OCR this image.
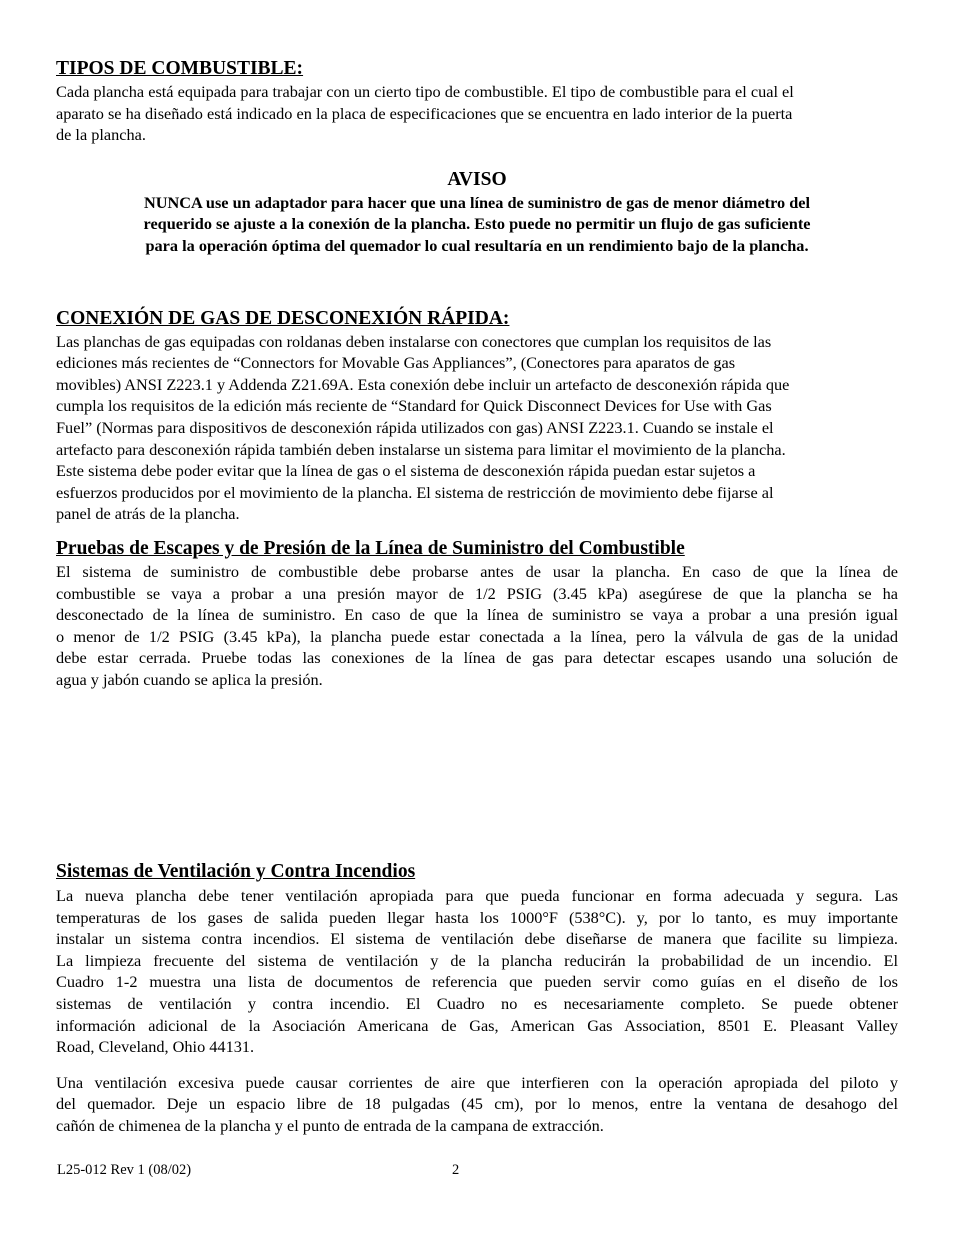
TIPOS DE COMBUSTIBLE:

Cada plancha está equipada para trabajar con un cierto tipo de combustible. El tipo de combustible para el cual el
aparato se ha diseñado está indicado en la placa de especificaciones que se encuentra en lado interior de la puerta
de la plancha.

AVISO

NUNCA use un adaptador para hacer que una línea de suministro de gas de menor diámetro del
requerido se ajuste a la conexión de la plancha. Esto puede no permitir un flujo de gas suficiente
para la operación óptima del quemador lo cual resultaría en un rendimiento bajo de la plancha.

CONEXIÓN DE GAS DE DESCONEXIÓN RÁPIDA:

Las planchas de gas equipadas con roldanas deben instalarse con conectores que cumplan los requisitos de las
ediciones más recientes de “Connectors for Movable Gas Appliances”, (Conectores para aparatos de gas
movibles) ANSI Z223.1 y Addenda Z21.69A. Esta conexión debe incluir un artefacto de desconexión rápida que
cumpla los requisitos de la edición más reciente de “Standard for Quick Disconnect Devices for Use with Gas
Fuel” (Normas para dispositivos de desconexión rápida utilizados con gas) ANSI Z223.1. Cuando se instale el
artefacto para desconexión rápida también deben instalarse un sistema para limitar el movimiento de la plancha.
Este sistema debe poder evitar que la línea de gas o el sistema de desconexión rápida puedan estar sujetos a
esfuerzos producidos por el movimiento de la plancha. El sistema de restricción de movimiento debe fijarse al
panel de atrás de la plancha.

Pruebas de Escapes y de Presión de la Línea de Suministro del Combustible

El sistema de suministro de combustible debe probarse antes de usar la plancha. En caso de que la línea de
combustible se vaya a probar a una presión mayor de 1/2 PSIG (3.45 kPa) asegúrese de que la plancha se ha
desconectado de la línea de suministro. En caso de que la línea de suministro se vaya a probar a una presión igual
o menor de 1/2 PSIG (3.45 kPa), la plancha puede estar conectada a la línea, pero la válvula de gas de la unidad
debe estar cerrada. Pruebe todas las conexiones de la línea de gas para detectar escapes usando una solución de
agua y jabón cuando se aplica la presión.

Sistemas de Ventilación y Contra Incendios

La nueva plancha debe tener ventilación apropiada para que pueda funcionar en forma adecuada y segura. Las
temperaturas de los gases de salida pueden llegar hasta los 1000°F (538°C). y, por lo tanto, es muy importante
instalar un sistema contra incendios. El sistema de ventilación debe diseñarse de manera que facilite su limpieza.
La limpieza frecuente del sistema de ventilación y de la plancha reducirán la probabilidad de un incendio. El
Cuadro 1-2 muestra una lista de documentos de referencia que pueden servir como guías en el diseño de los
sistemas de ventilación y contra incendio. El Cuadro no es necesariamente completo. Se puede obtener
información adicional de la Asociación Americana de Gas, American Gas Association, 8501 E. Pleasant Valley
Road, Cleveland, Ohio 44131.

Una ventilación excesiva puede causar corrientes de aire que interfieren con la operación apropiada del piloto y
del quemador. Deje un espacio libre de 18 pulgadas (45 cm), por lo menos, entre la ventana de desahogo del
cañón de chimenea de la plancha y el punto de entrada de la campana de extracción.

L25-012 Rev 1 (08/02)	2
